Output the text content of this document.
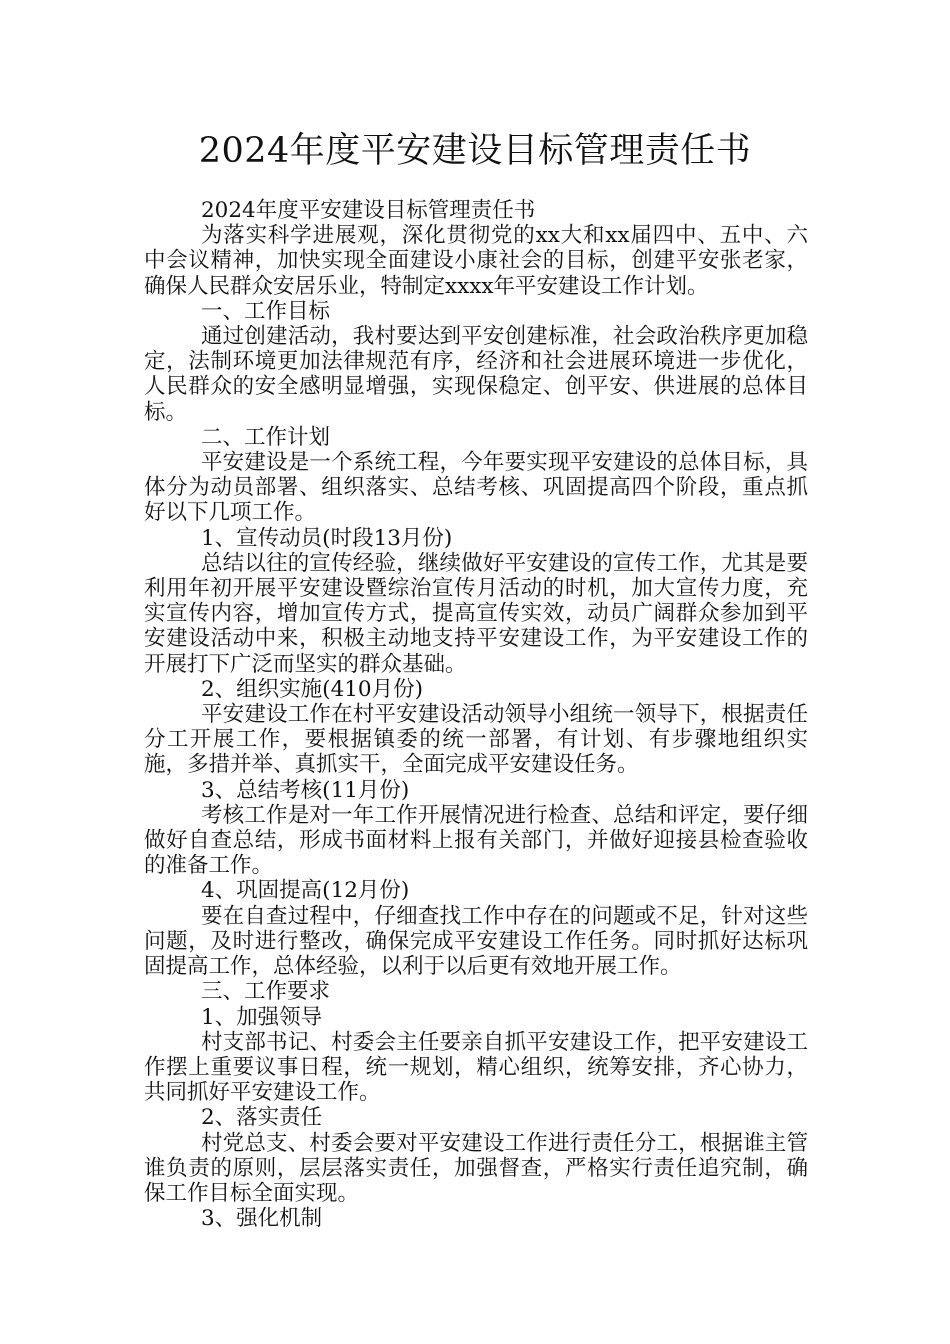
2024年度平安建设目标管理责任书

2024年度平安建设目标管理责任书

为落实科学进展观，深化贯彻党的xx大和xx届四中、五中、六中会议精神，加快实现全面建设小康社会的目标，创建平安张老家，确保人民群众安居乐业，特制定xxxx年平安建设工作计划。

一、工作目标

通过创建活动，我村要达到平安创建标准，社会政治秩序更加稳定，法制环境更加法律规范有序，经济和社会进展环境进一步优化，人民群众的安全感明显增强，实现保稳定、创平安、供进展的总体目标。

二、工作计划

平安建设是一个系统工程，今年要实现平安建设的总体目标，具体分为动员部署、组织落实、总结考核、巩固提高四个阶段，重点抓好以下几项工作。

1、宣传动员(时段13月份)

总结以往的宣传经验，继续做好平安建设的宣传工作，尤其是要利用年初开展平安建设暨综治宣传月活动的时机，加大宣传力度，充实宣传内容，增加宣传方式，提高宣传实效，动员广阔群众参加到平安建设活动中来，积极主动地支持平安建设工作，为平安建设工作的开展打下广泛而坚实的群众基础。

2、组织实施(410月份)

平安建设工作在村平安建设活动领导小组统一领导下，根据责任分工开展工作，要根据镇委的统一部署，有计划、有步骤地组织实施，多措并举、真抓实干，全面完成平安建设任务。

3、总结考核(11月份)

考核工作是对一年工作开展情况进行检查、总结和评定，要仔细做好自查总结，形成书面材料上报有关部门，并做好迎接县检查验收的准备工作。

4、巩固提高(12月份)

要在自查过程中，仔细查找工作中存在的问题或不足，针对这些问题，及时进行整改，确保完成平安建设工作任务。同时抓好达标巩固提高工作，总体经验，以利于以后更有效地开展工作。

三、工作要求

1、加强领导

村支部书记、村委会主任要亲自抓平安建设工作，把平安建设工作摆上重要议事日程，统一规划，精心组织，统筹安排，齐心协力，共同抓好平安建设工作。

2、落实责任

村党总支、村委会要对平安建设工作进行责任分工，根据谁主管谁负责的原则，层层落实责任，加强督查，严格实行责任追究制，确保工作目标全面实现。

3、强化机制
